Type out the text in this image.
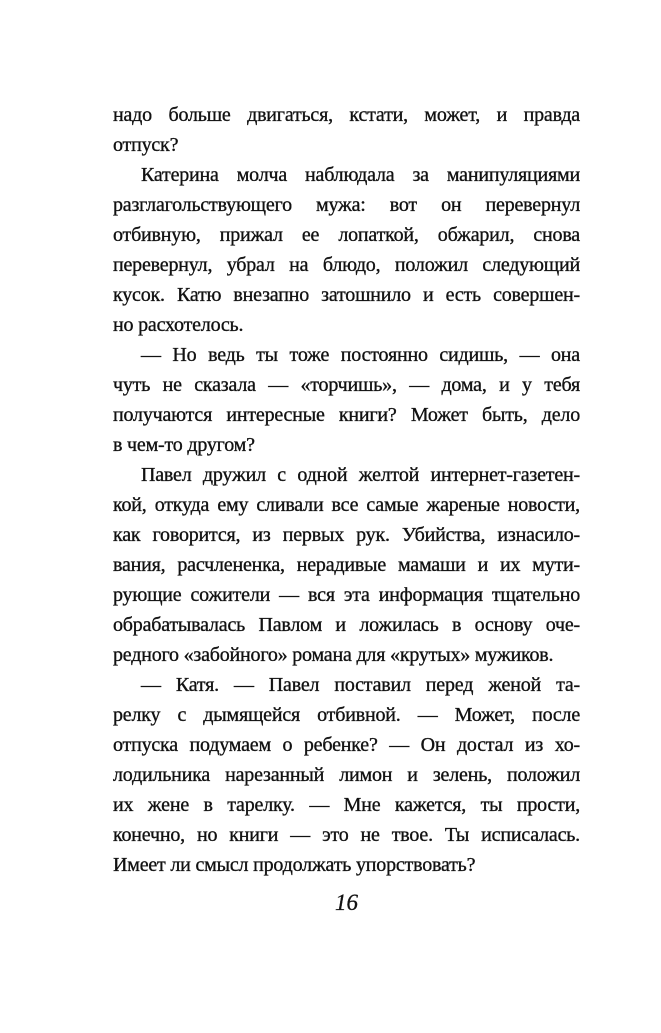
надо больше двигаться, кстати, может, и правда
отпуск?
Катерина молча наблюдала за манипуляциями
разглагольствующего мужа: вот он перевернул
отбивную, прижал ее лопаткой, обжарил, снова
перевернул, убрал на блюдо, положил следующий
кусок. Катю внезапно затошнило и есть совершен-
но расхотелось.
— Но ведь ты тоже постоянно сидишь, — она
чуть не сказала — «торчишь», — дома, и у тебя
получаются интересные книги? Может быть, дело
в чем-то другом?
Павел дружил с одной желтой интернет-газетен-
кой, откуда ему сливали все самые жареные новости,
как говорится, из первых рук. Убийства, изнасило-
вания, расчлененка, нерадивые мамаши и их мути-
рующие сожители — вся эта информация тщательно
обрабатывалась Павлом и ложилась в основу оче-
редного «забойного» романа для «крутых» мужиков.
— Катя. — Павел поставил перед женой та-
релку с дымящейся отбивной. — Может, после
отпуска подумаем о ребенке? — Он достал из хо-
лодильника нарезанный лимон и зелень, положил
их жене в тарелку. — Мне кажется, ты прости,
конечно, но книги — это не твое. Ты исписалась.
Имеет ли смысл продолжать упорствовать?
16
